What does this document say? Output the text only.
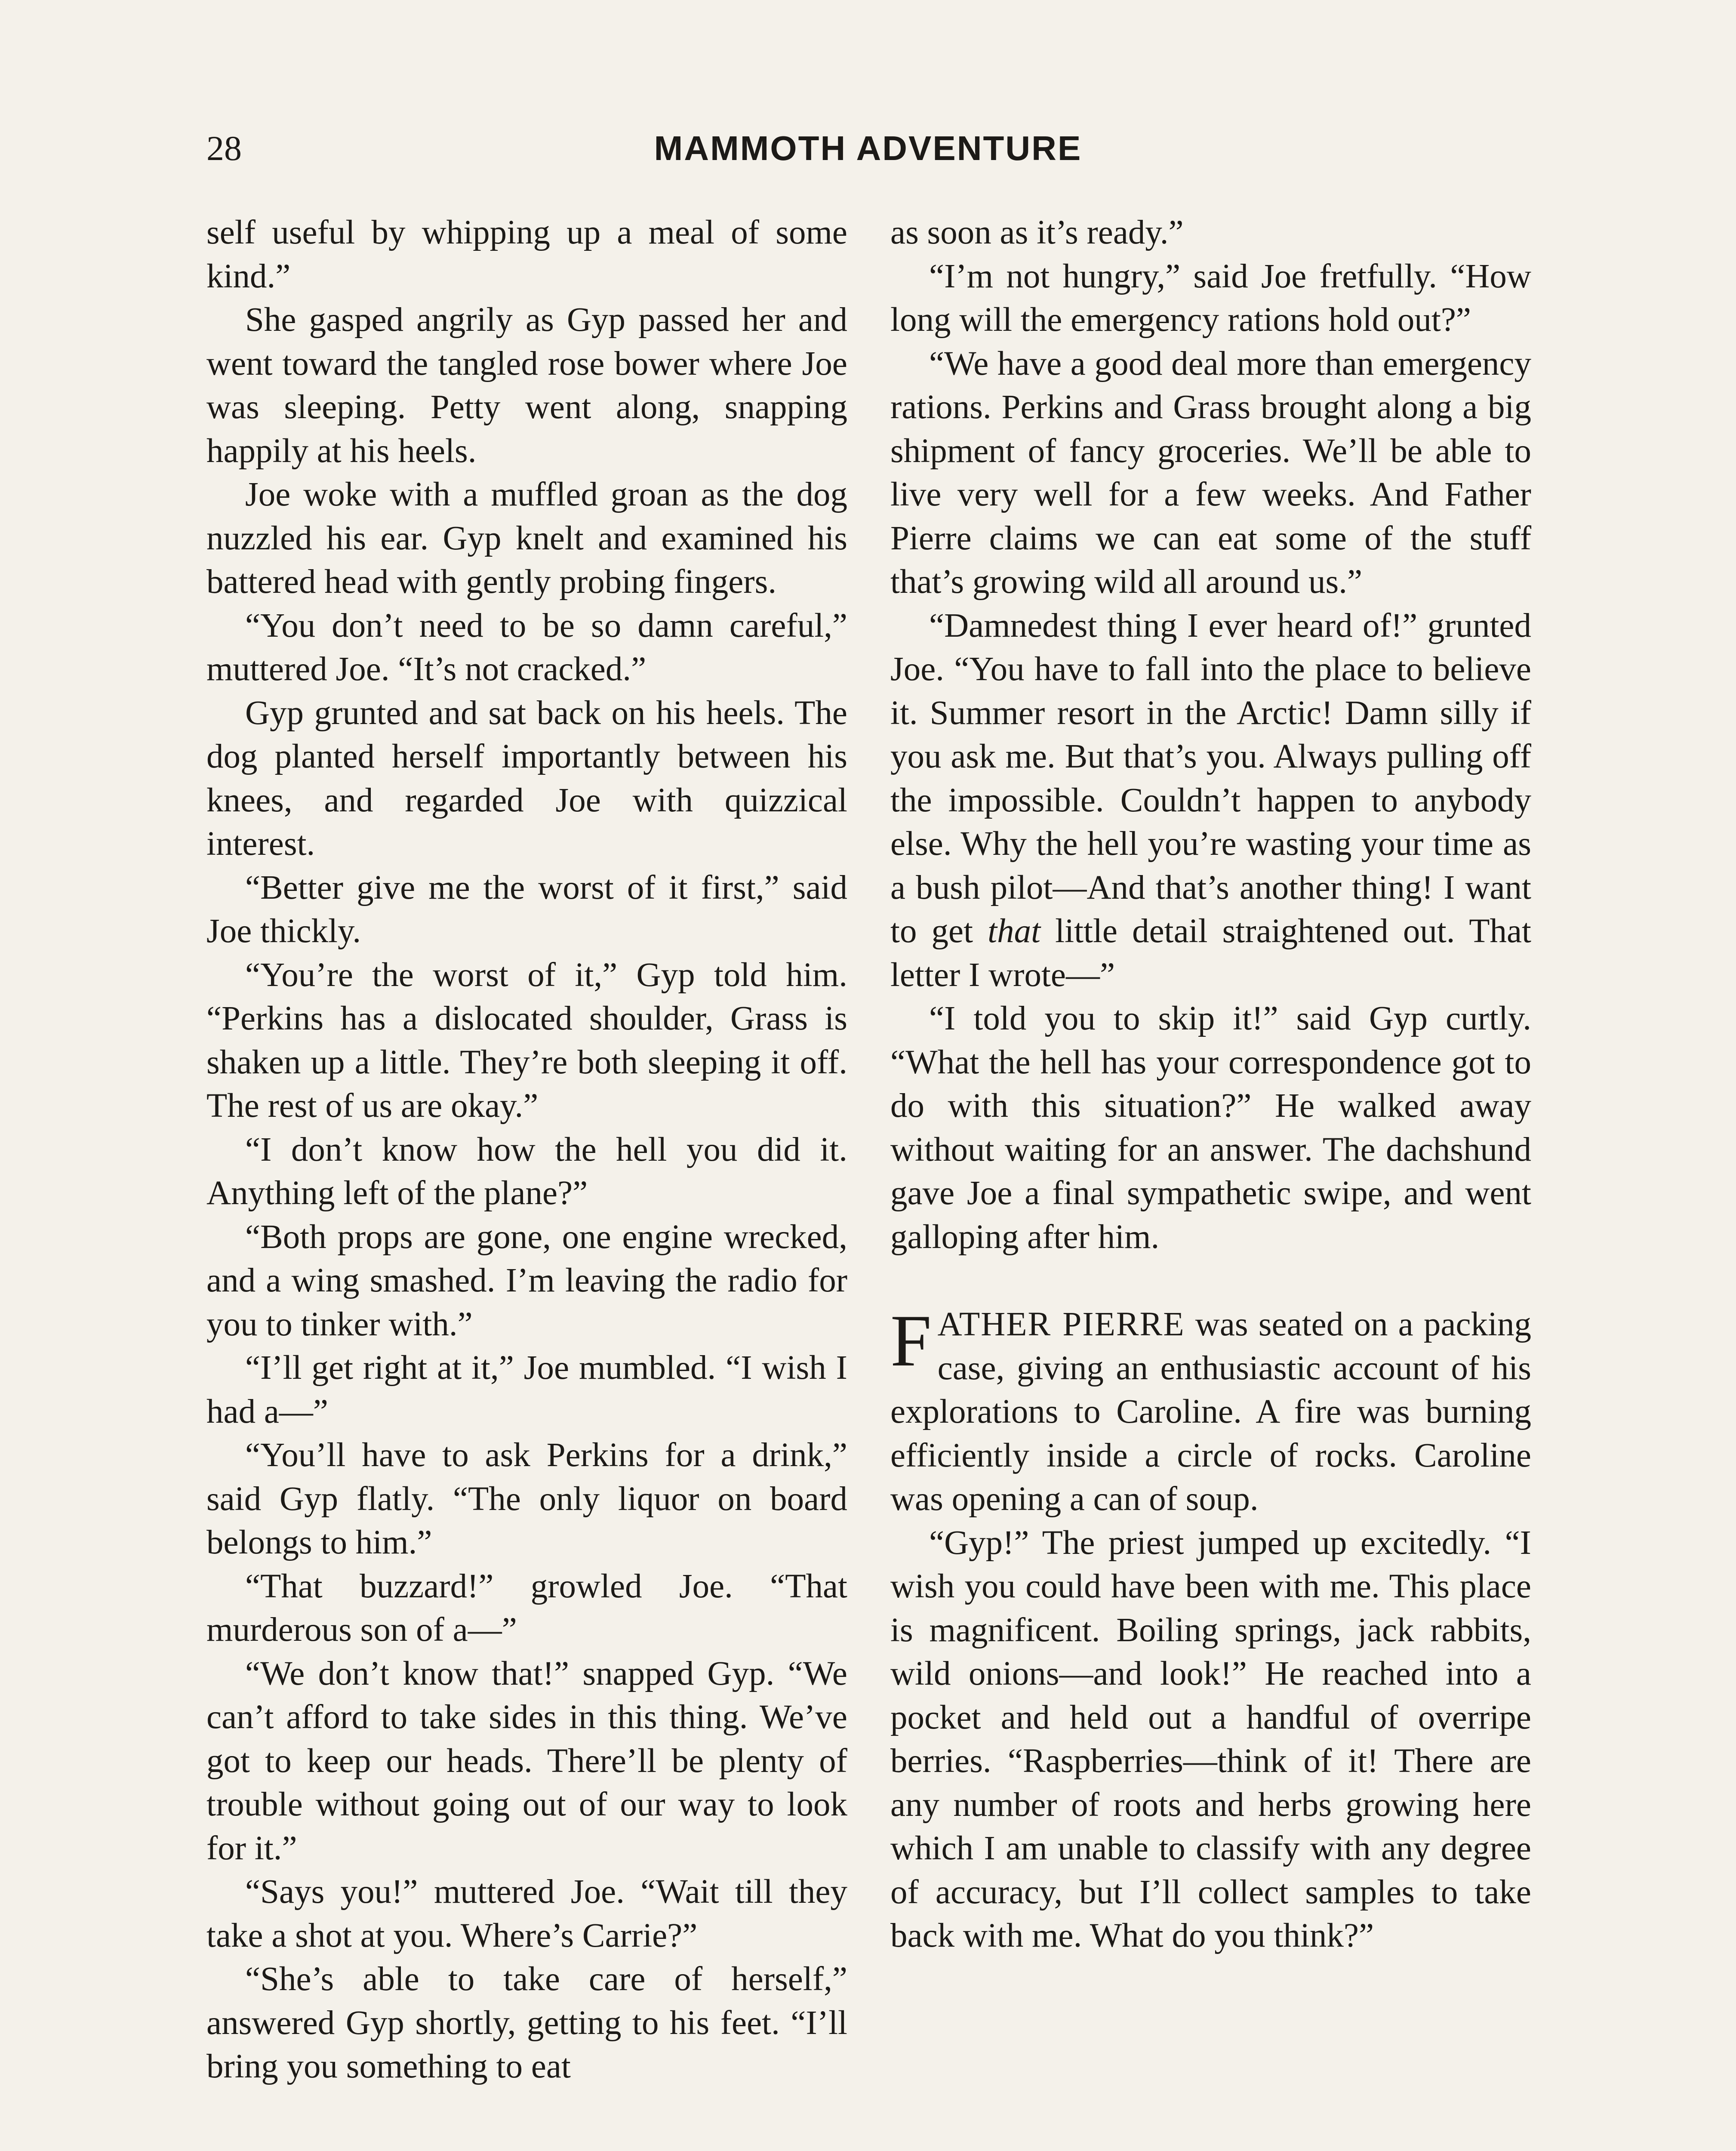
28	MAMMOTH ADVENTURE

self useful by whipping up a meal of some kind.”

She gasped angrily as Gyp passed her and went toward the tangled rose bower where Joe was sleeping. Petty went along, snapping happily at his heels.

Joe woke with a muffled groan as the dog nuzzled his ear. Gyp knelt and examined his battered head with gently probing fingers.

“You don’t need to be so damn careful,” muttered Joe. “It’s not cracked.”

Gyp grunted and sat back on his heels. The dog planted herself importantly between his knees, and regarded Joe with quizzical interest.

“Better give me the worst of it first,” said Joe thickly.

“You’re the worst of it,” Gyp told him. “Perkins has a dislocated shoulder, Grass is shaken up a little. They’re both sleeping it off. The rest of us are okay.”

“I don’t know how the hell you did it. Anything left of the plane?”

“Both props are gone, one engine wrecked, and a wing smashed. I’m leaving the radio for you to tinker with.”

“I’ll get right at it,” Joe mumbled. “I wish I had a—”

“You’ll have to ask Perkins for a drink,” said Gyp flatly. “The only liquor on board belongs to him.”

“That buzzard!” growled Joe. “That murderous son of a—”

“We don’t know that!” snapped Gyp. “We can’t afford to take sides in this thing. We’ve got to keep our heads. There’ll be plenty of trouble without going out of our way to look for it.”

“Says you!” muttered Joe. “Wait till they take a shot at you. Where’s Carrie?”

“She’s able to take care of herself,” answered Gyp shortly, getting to his feet. “I’ll bring you something to eat

as soon as it’s ready.”

“I’m not hungry,” said Joe fretfully. “How long will the emergency rations hold out?”

“We have a good deal more than emergency rations. Perkins and Grass brought along a big shipment of fancy groceries. We’ll be able to live very well for a few weeks. And Father Pierre claims we can eat some of the stuff that’s growing wild all around us.”

“Damnedest thing I ever heard of!” grunted Joe. “You have to fall into the place to believe it. Summer resort in the Arctic! Damn silly if you ask me. But that’s you. Always pulling off the impossible. Couldn’t happen to anybody else. Why the hell you’re wasting your time as a bush pilot—And that’s another thing! I want to get that little detail straightened out. That letter I wrote—”

“I told you to skip it!” said Gyp curtly. “What the hell has your correspondence got to do with this situation?” He walked away without waiting for an answer. The dachshund gave Joe a final sympathetic swipe, and went galloping after him.

FATHER PIERRE was seated on a packing case, giving an enthusiastic account of his explorations to Caroline. A fire was burning efficiently inside a circle of rocks. Caroline was opening a can of soup.

“Gyp!” The priest jumped up excitedly. “I wish you could have been with me. This place is magnificent. Boiling springs, jack rabbits, wild onions—and look!” He reached into a pocket and held out a handful of overripe berries. “Raspberries—think of it! There are any number of roots and herbs growing here which I am unable to classify with any degree of accuracy, but I’ll collect samples to take back with me. What do you think?”
